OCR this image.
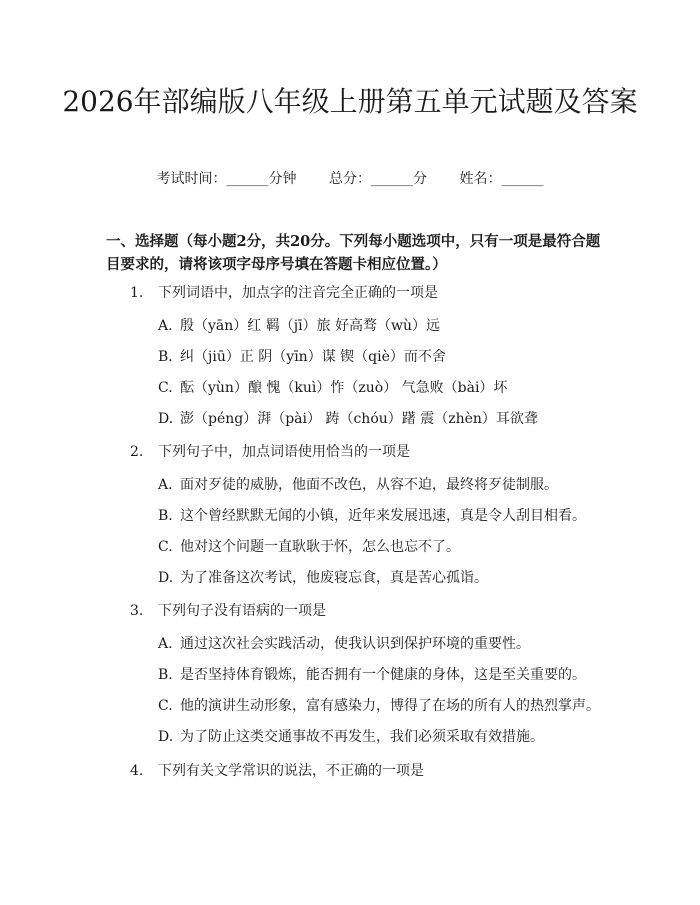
2026年部编版八年级上册第五单元试题及答案
考试时间：______分钟 总分：______分 姓名：______

一、选择题（每小题2分，共20分。下列每小题选项中，只有一项是最符合题目要求的，请将该项字母序号填在答题卡相应位置。）

1. 下列词语中，加点字的注音完全正确的一项是
A. 殷（yān）红 羁（jī）旅 好高骛（wù）远
B. 纠（jiū）正 阴（yīn）谋 锲（qiè）而不舍
C. 酝（yùn）酿 愧（kuì）怍（zuò） 气急败（bài）坏
D. 澎（péng）湃（pài） 踌（chóu）躇 震（zhèn）耳欲聋
2. 下列句子中，加点词语使用恰当的一项是
A. 面对歹徒的威胁，他面不改色，从容不迫，最终将歹徒制服。
B. 这个曾经默默无闻的小镇，近年来发展迅速，真是令人刮目相看。
C. 他对这个问题一直耿耿于怀，怎么也忘不了。
D. 为了准备这次考试，他废寝忘食，真是苦心孤诣。
3. 下列句子没有语病的一项是
A. 通过这次社会实践活动，使我认识到保护环境的重要性。
B. 是否坚持体育锻炼，能否拥有一个健康的身体，这是至关重要的。
C. 他的演讲生动形象，富有感染力，博得了在场的所有人的热烈掌声。
D. 为了防止这类交通事故不再发生，我们必须采取有效措施。
4. 下列有关文学常识的说法，不正确的一项是
